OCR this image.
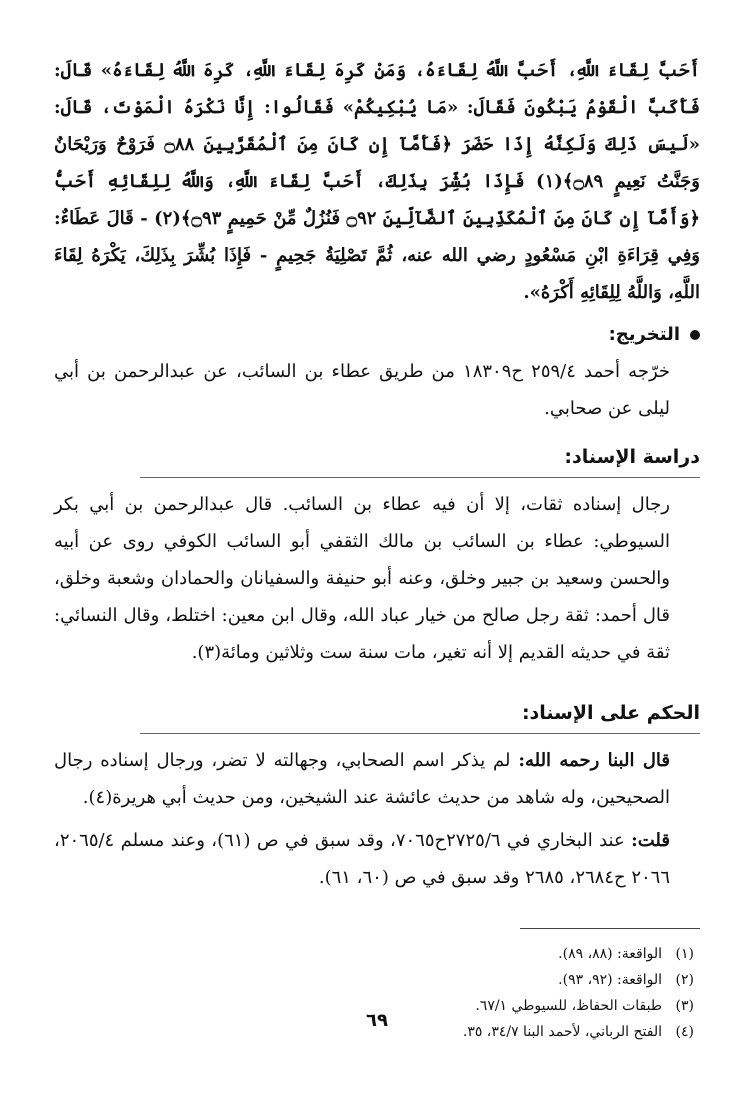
أَحَبَّ لِقَاءَ اللَّهِ، أَحَبَّ اللَّهُ لِقَاءَهُ، وَمَنْ كَرِهَ لِقَاءَ اللَّهِ، كَرِهَ اللَّهُ لِقَاءَهُ» قَالَ: فَأَكَبَّ الْقَوْمُ يَبْكُونَ فَقَالَ: «مَا يُبْكِيكُمْ» فَقَالُوا: إِنَّا نَكْرَهُ الْمَوْتَ، قَالَ: «لَيسَ ذَلِكَ وَلَكِنَّهُ إِذَا حَضَرَ ﴿فَأَمَّآ إِن كَانَ مِنَ ٱلْمُقَرَّبِينَ ۝٨٨ فَرَوْحٌ وَرَيْحَانٌ وَجَنَّتُ نَعِيمٍ ۝٨٩﴾(١) فَإِذَا بُشِّرَ بِذَلِكَ، أَحَبَّ لِقَاءَ اللَّهِ، وَاللَّهُ لِلِقَائِهِ أَحَبُّ ﴿وَأَمَّآ إِن كَانَ مِنَ ٱلْمُكَذِّبِينَ ٱلضَّآلِّينَ ۝٩٢ فَنُزُلٌ مِّنْ حَمِيمٍ ۝٩٣﴾(٢) - قَالَ عَطَاءٌ: وَفِي قِرَاءَةِ ابْنِ مَسْعُودٍ رضي الله عنه، ثُمَّ تَصْلِيَةُ جَحِيمٍ - فَإِذَا بُشِّرَ بِذَلِكَ، يَكْرَهُ لِقَاءَ اللَّهِ، وَاللَّهُ لِلِقَائِهِ أَكْرَهُ».

التخريج:

خرّجه أحمد ٢٥٩/٤ ح١٨٣٠٩ من طريق عطاء بن السائب، عن عبدالرحمن بن أبي ليلى عن صحابي.

دراسة الإسناد:

رجال إسناده ثقات، إلا أن فيه عطاء بن السائب. قال عبدالرحمن بن أبي بكر السيوطي: عطاء بن السائب بن مالك الثقفي أبو السائب الكوفي روى عن أبيه والحسن وسعيد بن جبير وخلق، وعنه أبو حنيفة والسفيانان والحمادان وشعبة وخلق، قال أحمد: ثقة رجل صالح من خيار عباد الله، وقال ابن معين: اختلط، وقال النسائي: ثقة في حديثه القديم إلا أنه تغير، مات سنة ست وثلاثين ومائة(٣).

الحكم على الإسناد:

قال البنا رحمه الله: لم يذكر اسم الصحابي، وجهالته لا تضر، ورجال إسناده رجال الصحيحين، وله شاهد من حديث عائشة عند الشيخين، ومن حديث أبي هريرة(٤).

قلت: عند البخاري في ٢٧٢٥/٦ح٧٠٦٥، وقد سبق في ص (٦١)، وعند مسلم ٢٠٦٥/٤، ٢٠٦٦ ح٢٦٨٤، ٢٦٨٥ وقد سبق في ص (٦٠، ٦١).

(١)الواقعة: (٨٨، ٨٩).

(٢)الواقعة: (٩٢، ٩٣).

(٣)طبقات الحفاظ، للسيوطي ٦٧/١.

(٤)الفتح الرباني، لأحمد البنا ٣٤/٧، ٣٥.

٦٩
